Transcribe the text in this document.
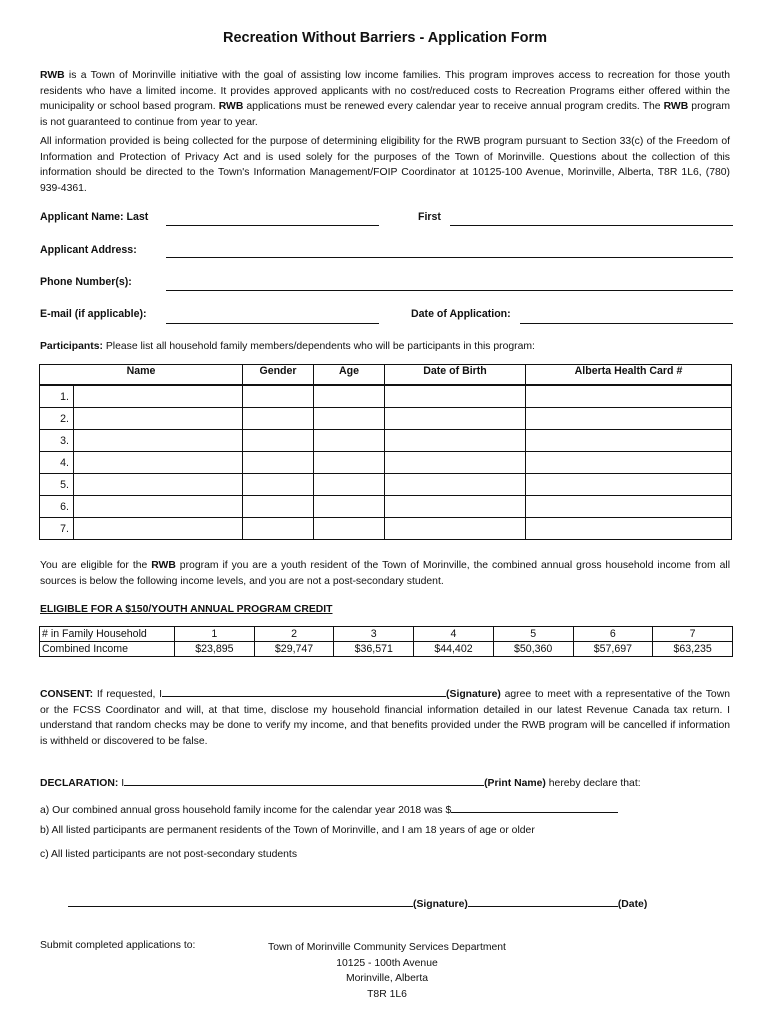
Recreation Without Barriers - Application Form
RWB is a Town of Morinville initiative with the goal of assisting low income families. This program improves access to recreation for those youth residents who have a limited income. It provides approved applicants with no cost/reduced costs to Recreation Programs either offered within the municipality or school based program. RWB applications must be renewed every calendar year to receive annual program credits. The RWB program is not guaranteed to continue from year to year.
All information provided is being collected for the purpose of determining eligibility for the RWB program pursuant to Section 33(c) of the Freedom of Information and Protection of Privacy Act and is used solely for the purposes of the Town of Morinville. Questions about the collection of this information should be directed to the Town's Information Management/FOIP Coordinator at 10125-100 Avenue, Morinville, Alberta, T8R 1L6, (780) 939-4361.
Applicant Name: Last	First
Applicant Address:
Phone Number(s):
E-mail (if applicable):	Date of Application:
Participants: Please list all household family members/dependents who will be participants in this program:
Name		Gender	Age	Date of Birth	Alberta Health Card #
1.					
2.					
3.					
4.					
5.					
6.					
7.					
You are eligible for the RWB program if you are a youth resident of the Town of Morinville, the combined annual gross household income from all sources is below the following income levels, and you are not a post-secondary student.
ELIGIBLE FOR A $150/YOUTH ANNUAL PROGRAM CREDIT
# in Family Household	1	2	3	4	5	6	7
Combined Income	$23,895	$29,747	$36,571	$44,402	$50,360	$57,697	$63,235
CONSENT: If requested, I	(Signature) agree to meet with a representative of the Town or the FCSS Coordinator and will, at that time, disclose my household financial information detailed in our latest Revenue Canada tax return. I understand that random checks may be done to verify my income, and that benefits provided under the RWB program will be cancelled if information is withheld or discovered to be false.
DECLARATION: I	(Print Name) hereby declare that:
a) Our combined annual gross household family income for the calendar year 2018 was $
b) All listed participants are permanent residents of the Town of Morinville, and I am 18 years of age or older
c) All listed participants are not post-secondary students
(Signature)	(Date)
Submit completed applications to:	Town of Morinville Community Services Department
10125 - 100th Avenue
Morinville, Alberta
T8R 1L6
